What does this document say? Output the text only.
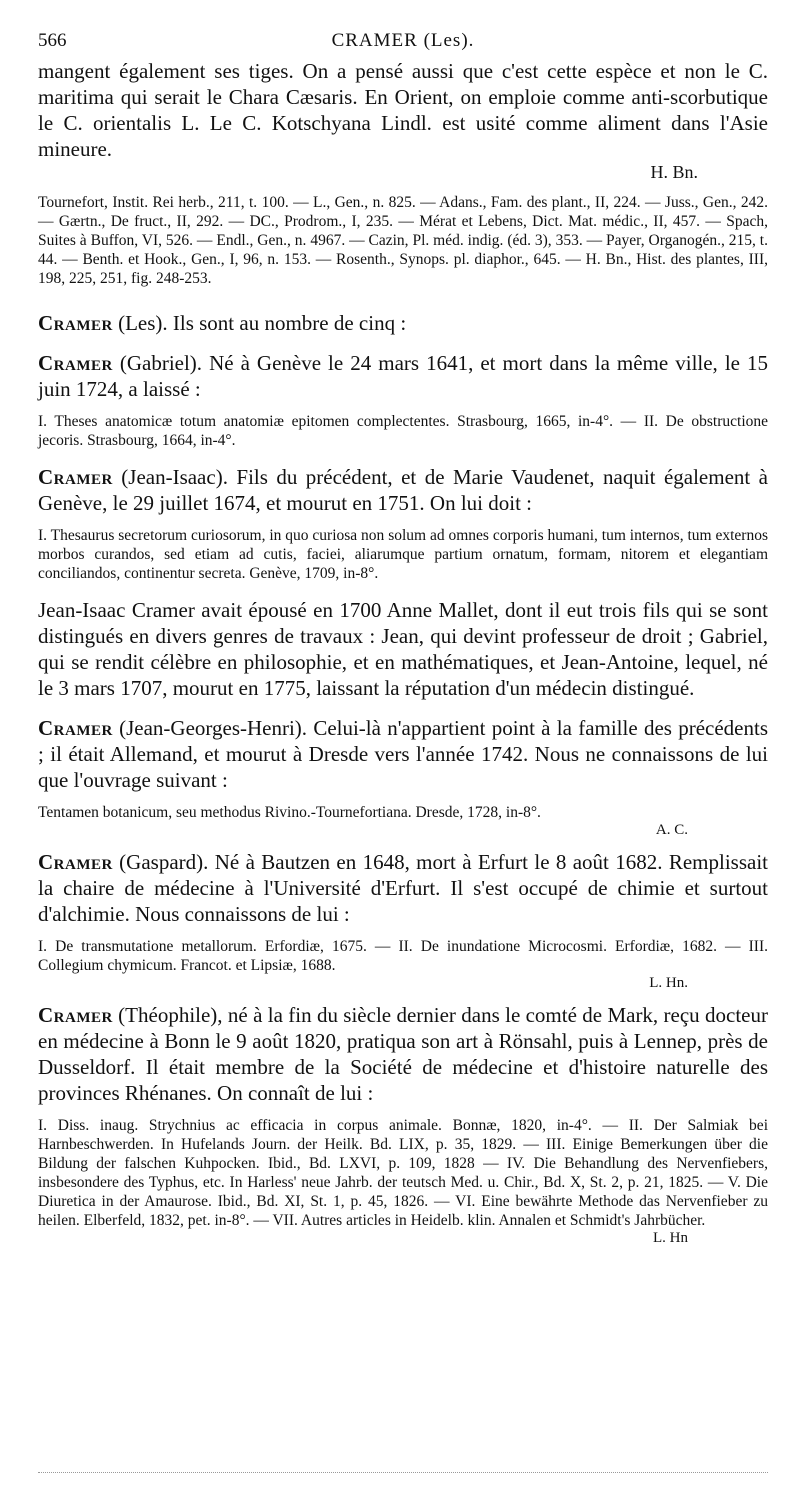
566	CRAMER (Les).

mangent également ses tiges. On a pensé aussi que c'est cette espèce et non le C. maritima qui serait le Chara Cæsaris. En Orient, on emploie comme anti-scorbutique le C. orientalis L. Le C. Kotschyana Lindl. est usité comme aliment dans l'Asie mineure.

H. Bn.

Tournefort, Instit. Rei herb., 211, t. 100. — L., Gen., n. 825. — Adans., Fam. des plant., II, 224. — Juss., Gen., 242. — Gærtn., De fruct., II, 292. — DC., Prodrom., I, 235. — Mérat et Lebens, Dict. Mat. médic., II, 457. — Spach, Suites à Buffon, VI, 526. — Endl., Gen., n. 4967. — Cazin, Pl. méd. indig. (éd. 3), 353. — Payer, Organogén., 215, t. 44. — Benth. et Hook., Gen., I, 96, n. 153. — Rosenth., Synops. pl. diaphor., 645. — H. Bn., Hist. des plantes, III, 198, 225, 251, fig. 248-253.

Cramer (Les). Ils sont au nombre de cinq :

Cramer (Gabriel). Né à Genève le 24 mars 1641, et mort dans la même ville, le 15 juin 1724, a laissé :

I. Theses anatomicæ totum anatomiæ epitomen complectentes. Strasbourg, 1665, in-4°. — II. De obstructione jecoris. Strasbourg, 1664, in-4°.

Cramer (Jean-Isaac). Fils du précédent, et de Marie Vaudenet, naquit également à Genève, le 29 juillet 1674, et mourut en 1751. On lui doit :

I. Thesaurus secretorum curiosorum, in quo curiosa non solum ad omnes corporis humani, tum internos, tum externos morbos curandos, sed etiam ad cutis, faciei, aliarumque partium ornatum, formam, nitorem et elegantiam conciliandos, continentur secreta. Genève, 1709, in-8°.

Jean-Isaac Cramer avait épousé en 1700 Anne Mallet, dont il eut trois fils qui se sont distingués en divers genres de travaux : Jean, qui devint professeur de droit ; Gabriel, qui se rendit célèbre en philosophie, et en mathématiques, et Jean-Antoine, lequel, né le 3 mars 1707, mourut en 1775, laissant la réputation d'un médecin distingué.

Cramer (Jean-Georges-Henri). Celui-là n'appartient point à la famille des précédents ; il était Allemand, et mourut à Dresde vers l'année 1742. Nous ne connaissons de lui que l'ouvrage suivant :

Tentamen botanicum, seu methodus Rivino.-Tournefortiana. Dresde, 1728, in-8°.

A. C.

Cramer (Gaspard). Né à Bautzen en 1648, mort à Erfurt le 8 août 1682. Remplissait la chaire de médecine à l'Université d'Erfurt. Il s'est occupé de chimie et surtout d'alchimie. Nous connaissons de lui :

I. De transmutatione metallorum. Erfordiæ, 1675. — II. De inundatione Microcosmi. Erfordiæ, 1682. — III. Collegium chymicum. Francot. et Lipsiæ, 1688.

L. Hn.

Cramer (Théophile), né à la fin du siècle dernier dans le comté de Mark, reçu docteur en médecine à Bonn le 9 août 1820, pratiqua son art à Rönsahl, puis à Lennep, près de Dusseldorf. Il était membre de la Société de médecine et d'histoire naturelle des provinces Rhénanes. On connaît de lui :

I. Diss. inaug. Strychnius ac efficacia in corpus animale. Bonnæ, 1820, in-4°. — II. Der Salmiak bei Harnbeschwerden. In Hufelands Journ. der Heilk. Bd. LIX, p. 35, 1829. — III. Einige Bemerkungen über die Bildung der falschen Kuhpocken. Ibid., Bd. LXVI, p. 109, 1828 — IV. Die Behandlung des Nervenfiebers, insbesondere des Typhus, etc. In Harless' neue Jahrb. der teutsch Med. u. Chir., Bd. X, St. 2, p. 21, 1825. — V. Die Diuretica in der Amaurose. Ibid., Bd. XI, St. 1, p. 45, 1826. — VI. Eine bewährte Methode das Nervenfieber zu heilen. Elberfeld, 1832, pet. in-8°. — VII. Autres articles in Heidelb. klin. Annalen et Schmidt's Jahrbücher.

L. Hn
